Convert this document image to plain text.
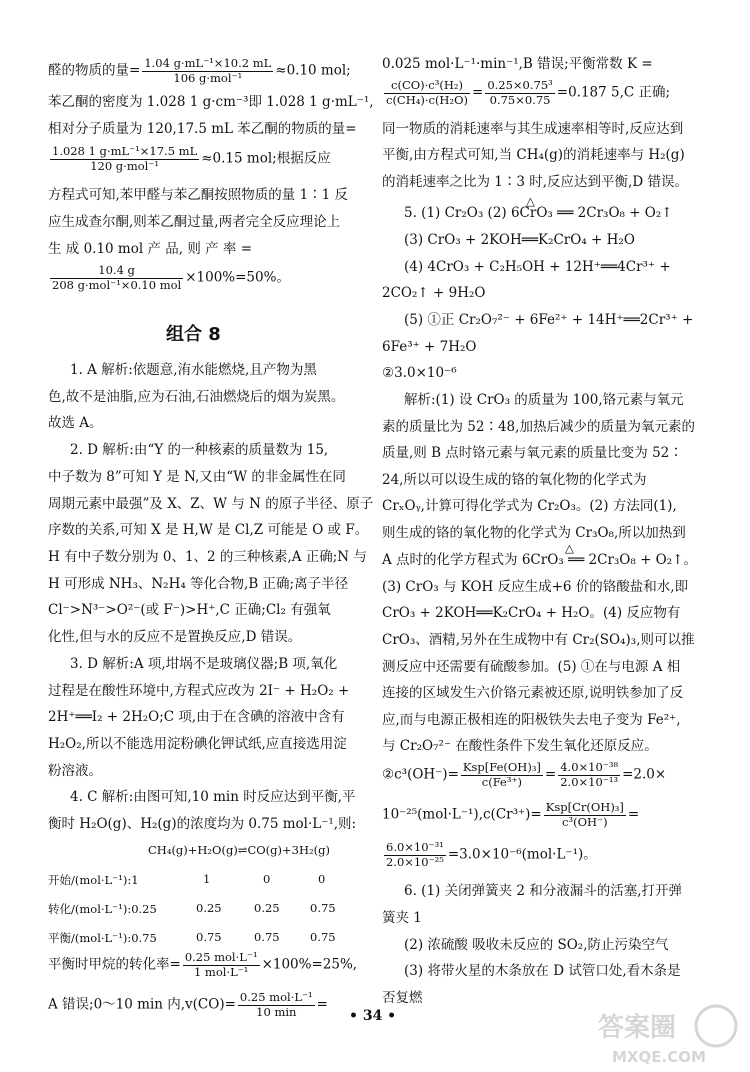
醛的物质的量= $\frac{\text{1.04 g·mL⁻¹×10.2 mL}}{\text{106 g·mol⁻¹}} \approx 0.10$ mol;
苯乙酮的密度为 1.028 1 g·cm⁻³即 1.028 1 g·mL⁻¹,
相对分子质量为 120,17.5 mL 苯乙酮的物质的量=
$\frac{\text{1.028 1 g·mL⁻¹×17.5 mL}}{\text{120 g·mol⁻¹}} \approx 0.15$ mol;根据反应
方程式可知,苯甲醛与苯乙酮按照物质的量 1∶1 反
应生成查尔酮,则苯乙酮过量,两者完全反应理论上
生 成 0.10 mol 产 品, 则 产 率 =
$\frac{10.4 g}{\text{208 g·mol⁻¹×0.10 mol}} \times 100\%=50\%$。
组合 8
1. A 解析:依题意,洧水能燃烧,且产物为黑
色,故不是油脂,应为石油,石油燃烧后的烟为炭黑。
故选 A。
2. D 解析:由“Y 的一种核素的质量数为 15,
中子数为 8”可知 Y 是 N,又由“W 的非金属性在同
周期元素中最强”及 X、Z、W 与 N 的原子半径、原子
序数的关系,可知 X 是 H,W 是 Cl,Z 可能是 O 或 F。
H 有中子数分别为 0、1、2 的三种核素,A 正确;N 与
H 可形成 NH₃、N₂H₄ 等化合物,B 正确;离子半径
Cl⁻>N³⁻>O²⁻(或 F⁻)>H⁺,C 正确;Cl₂ 有强氧
化性,但与水的反应不是置换反应,D 错误。
3. D 解析:A 项,坩埚不是玻璃仪器;B 项,氧化
过程是在酸性环境中,方程式应改为 2I⁻ + H₂O₂ +
2H⁺══I₂ + 2H₂O;C 项,由于在含碘的溶液中含有
H₂O₂,所以不能选用淀粉碘化钾试纸,应直接选用淀
粉溶液。
4. C 解析:由图可知,10 min 时反应达到平衡,平
衡时 H₂O(g)、H₂(g)的浓度均为 0.75 mol·L⁻¹,则:
CH₄(g)+H₂O(g)⇌CO(g)+3H₂(g)
开始/(mol·L⁻¹):1	1	0	0
转化/(mol·L⁻¹):0.25	0.25	0.25	0.75
平衡/(mol·L⁻¹):0.75	0.75	0.75	0.75
平衡时甲烷的转化率= $\frac{\text{0.25 mol·L⁻¹}}{\text{1 mol·L⁻¹}} \times 100\%=25\%$,
A 错误;0～10 min 内$,v(CO)= \frac{\text{0.25 mol·L⁻¹}}{10 \min}$ =
0.025 mol·L⁻¹·min⁻¹,B 错误;平衡常数 K =
$\frac{\text{c(CO)·c³(H₂)}}{\text{c(CH₄)·c(H₂O)}} = \frac{\text{0.25×0.75³}}{0.75\times 0.75} =0.187$ 5,C 正确;
同一物质的消耗速率与其生成速率相等时,反应达到
平衡,由方程式可知,当 CH₄(g)的消耗速率与 H₂(g)
的消耗速率之比为 1∶3 时,反应达到平衡,D 错误。
△
5. (1) Cr₂O₃ (2) 6CrO₃ ══ 2Cr₃O₈ + O₂↑
(3) CrO₃ + 2KOH══K₂CrO₄ + H₂O
(4) 4CrO₃ + C₂H₅OH + 12H⁺══4Cr³⁺ +
2CO₂↑ + 9H₂O
(5) ①正 Cr₂O₇²⁻ + 6Fe²⁺ + 14H⁺══2Cr³⁺ +
6Fe³⁺ + 7H₂O
②3.0×10⁻⁶
解析:(1) 设 CrO₃ 的质量为 100,铬元素与氧元
素的质量比为 52∶48,加热后减少的质量为氧元素的
质量,则 B 点时铬元素与氧元素的质量比变为 52∶
24,所以可以设生成的铬的氧化物的化学式为
CrₓOᵧ,计算可得化学式为 Cr₂O₃。(2) 方法同(1),
则生成的铬的氧化物的化学式为 Cr₃O₈,所以加热到
△
A 点时的化学方程式为 6CrO₃ ══ 2Cr₃O₈ + O₂↑。
(3) CrO₃ 与 KOH 反应生成+6 价的铬酸盐和水,即
CrO₃ + 2KOH══K₂CrO₄ + H₂O。(4) 反应物有
CrO₃、酒精,另外在生成物中有 Cr₂(SO₄)₃,则可以推
测反应中还需要有硫酸参加。(5) ①在与电源 A 相
连接的区域发生六价铬元素被还原,说明铁参加了反
应,而与电源正极相连的阳极铁失去电子变为 Fe²⁺,
与 Cr₂O₇²⁻ 在酸性条件下发生氧化还原反应。
②c³(OH⁻)= $\frac{\text{Ksp[Fe(OH)₃]}}{\text{c(Fe³⁺)}} = \frac{\text{4.0×10⁻³⁸}}{\text{2.0×10⁻¹³}} =2.0\times$
$10^{-25}(mol\cdot L^{-1}),c(Cr^{3+})= \frac{\text{Ksp[Cr(OH)₃]}}{\text{c³(OH⁻)}}$ =
$\frac{\text{6.0×10⁻³¹}}{\text{2.0×10⁻²⁵}} =3.0\times 10^{-6}(mol\cdot L^{-1})$。
6. (1) 关闭弹簧夹 2 和分液漏斗的活塞,打开弹
簧夹 1
(2) 浓硫酸 吸收未反应的 SO₂,防止污染空气
(3) 将带火星的木条放在 D 试管口处,看木条是
否复燃
• 34 •	答案圈
MXQE.COM
